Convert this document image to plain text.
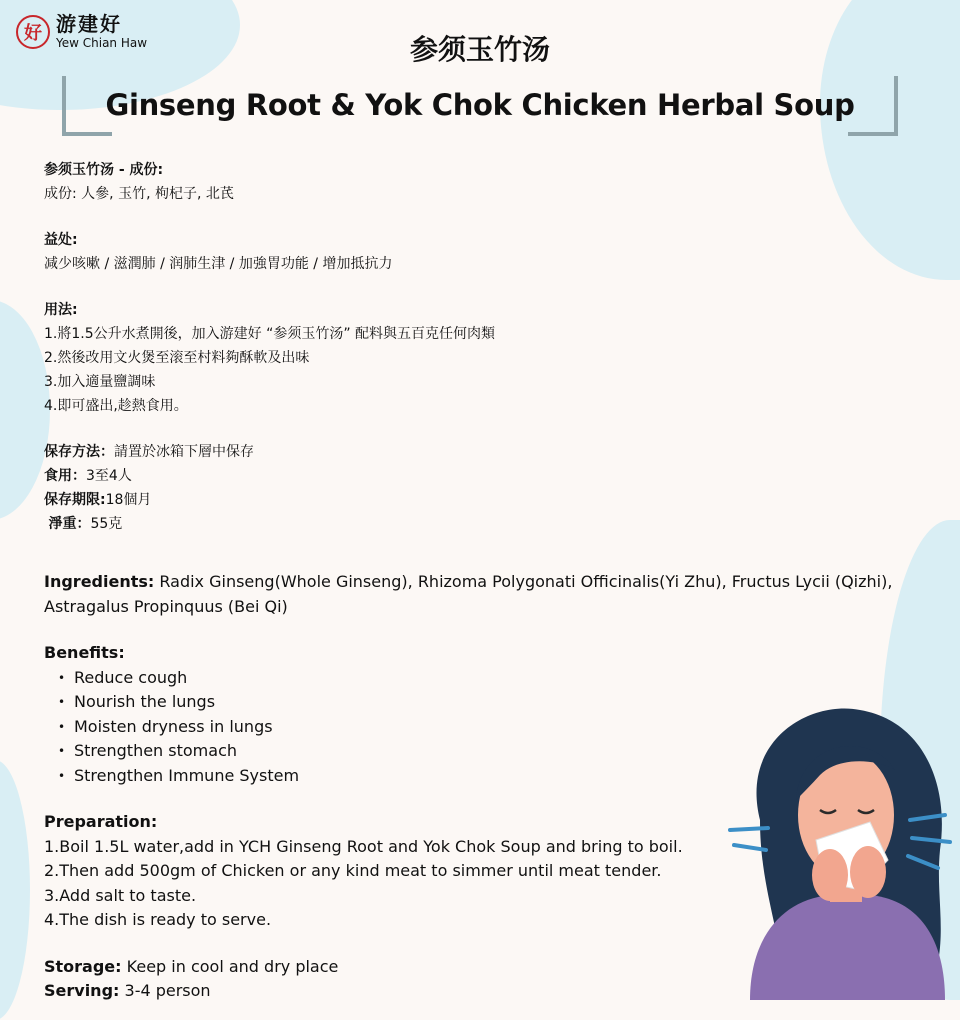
好 游建好
Yew Chian Haw	参须玉竹汤
Ginseng Root & Yok Chok Chicken Herbal Soup
参须玉竹汤 - 成份:
成份: 人參, 玉竹, 枸杞子, 北芪
益处:
减少咳嗽 / 滋潤肺 / 润肺生津 / 加強胃功能 / 增加抵抗力
用法:
1.將1.5公升水煮開後，加入游建好 “参须玉竹汤” 配料與五百克任何肉類
2.然後改用文火煲至滚至村料夠酥軟及出味
3.加入適量鹽調味
4.即可盛出,趁熱食用。
保存方法：請置於冰箱下層中保存
食用：3至4人
保存期限:18個月
淨重：55克
Ingredients: Radix Ginseng(Whole Ginseng), Rhizoma Polygonati Officinalis(Yi Zhu), Fructus Lycii (Qizhi), Astragalus Propinquus (Bei Qi)
Benefits:
• Reduce cough
• Nourish the lungs
• Moisten dryness in lungs
• Strengthen stomach
• Strengthen Immune System
Preparation:
1.Boil 1.5L water,add in YCH Ginseng Root and Yok Chok Soup and bring to boil.
2.Then add 500gm of Chicken or any kind meat to simmer until meat tender.
3.Add salt to taste.
4.The dish is ready to serve.
Storage: Keep in cool and dry place
Serving: 3-4 person
